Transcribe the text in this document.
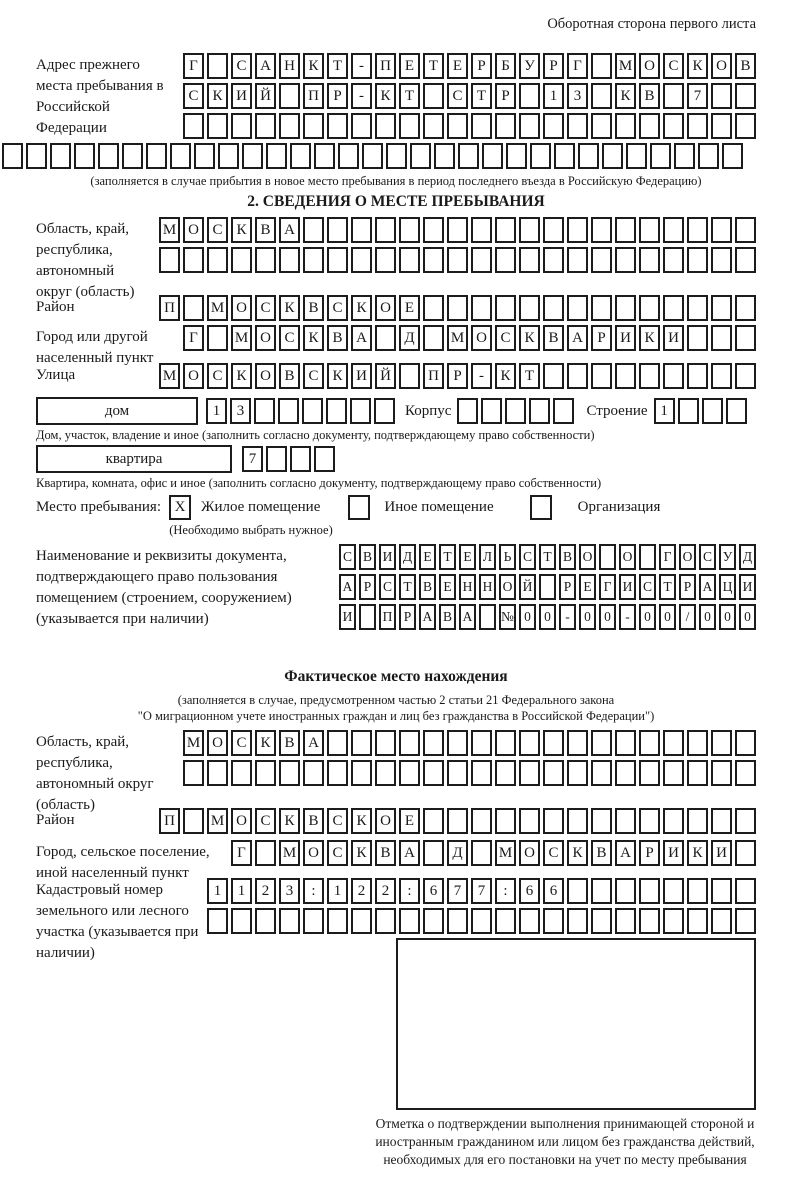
Оборотная сторона первого листа
Адрес прежнего места пребывания в Российской Федерации
Г	С А Н К Т	-	П Е Т Е	Р	Б У Р	Г	М О С К О В
С К И Й	П Р	-	К Т	С Т	Р	1	3	К В	7
(заполняется в случае прибытия в новое место пребывания в период последнего въезда в Российскую Федерацию)
2. СВЕДЕНИЯ О МЕСТЕ ПРЕБЫВАНИЯ
Область, край, республика, автономный округ (область)
М О С К В А
Район	П	М О С К В С К О Е
Город или другой населенный пункт
Г	М О С К В А	Д	М О С К В А Р И К И
Улица	М О С К О В С К И Й	П Р	-	К Т
дом	1	3	Корпус	Строение 1
Дом, участок, владение и иное (заполнить согласно документу, подтверждающему право собственности)
квартира	7
Квартира, комната, офис и иное (заполнить согласно документу, подтверждающему право собственности)
Место пребывания: X	Жилое помещение	Иное помещение	Организация
(Необходимо выбрать нужное)
Наименование и реквизиты документа, подтверждающего право пользования помещением (строением, сооружением) (указывается при наличии)
С В И Д Е Т Е Л Ь С Т В О О	Г О С У Д
А Р С Т В Е Н Н О Й	Р Е Г И С Т Р А Ц И
И П Р А В А № 0 0	-	0 0	-	0 0	/	0 0 0
Фактическое место нахождения
(заполняется в случае, предусмотренном частью 2 статьи 21 Федерального закона
"О миграционном учете иностранных граждан и лиц без гражданства в Российской Федерации")
Область, край, республика, автономный округ (область)
М О С К В А
Район	П	М О С К В С К О Е
Город, сельское поселение, иной населенный пункт
Г	М О С К В А	Д	М О С К В А Р И К И
Кадастровый номер земельного или лесного участка (указывается при наличии)
1	1	2	3	:	1	2	2	:	6	7	7	:	6	6
Отметка о подтверждении выполнения принимающей стороной и иностранным гражданином или лицом без гражданства действий, необходимых для его постановки на учет по месту пребывания
